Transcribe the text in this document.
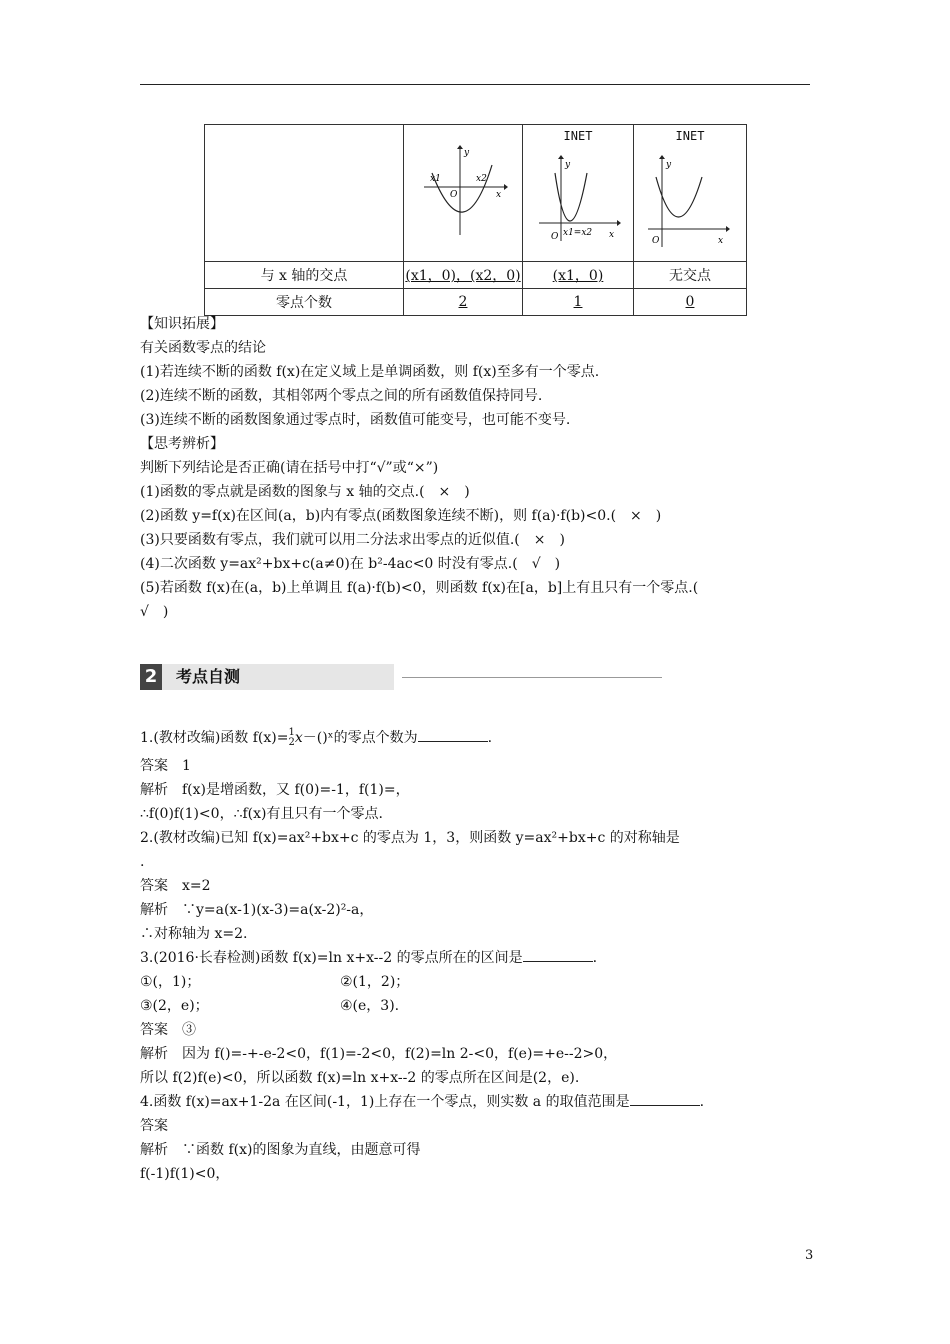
y
x1 x2
O x	INET
y
O x1=x2 x	INET
y
O x

与 x 轴的交点	(x1，0)，(x2，0)	(x1，0)	无交点
零点个数	2	1	0
【知识拓展】
有关函数零点的结论
(1)若连续不断的函数 f(x)在定义域上是单调函数，则 f(x)至多有一个零点.
(2)连续不断的函数，其相邻两个零点之间的所有函数值保持同号.
(3)连续不断的函数图象通过零点时，函数值可能变号，也可能不变号.
【思考辨析】
判断下列结论是否正确(请在括号中打“√”或“×”)
(1)函数的零点就是函数的图象与 x 轴的交点.(　×　)
(2)函数 y=f(x)在区间(a，b)内有零点(函数图象连续不断)，则 f(a)·f(b)<0.(　×　)
(3)只要函数有零点，我们就可以用二分法求出零点的近似值.(　×　)
(4)二次函数 y=ax²+bx+c(a≠0)在 b²-4ac<0 时没有零点.(　√　)
(5)若函数 f(x)在(a，b)上单调且 f(a)·f(b)<0，则函数 f(x)在[a，b]上有且只有一个零点.(
√　)
2	考点自测
1.(教材改编)函数 f(x)=1
2x－()ˣ的零点个数为	.
答案　1
解析　f(x)是增函数，又 f(0)=-1，f(1)=，
∴f(0)f(1)<0，∴f(x)有且只有一个零点.
2.(教材改编)已知 f(x)=ax²+bx+c 的零点为 1，3，则函数 y=ax²+bx+c 的对称轴是
.
答案　x=2
解析　∵y=a(x-1)(x-3)=a(x-2)²-a，
∴对称轴为 x=2.
3.(2016·长春检测)函数 f(x)=ln x+x--2 的零点所在的区间是	.
①(，1)；	②(1，2)；
③(2，e)；	④(e，3).
答案　③
解析　因为 f()=-+-e-2<0，f(1)=-2<0，f(2)=ln 2-<0，f(e)=+e--2>0，
所以 f(2)f(e)<0，所以函数 f(x)=ln x+x--2 的零点所在区间是(2，e).
4.函数 f(x)=ax+1-2a 在区间(-1，1)上存在一个零点，则实数 a 的取值范围是	.
答案
解析　∵函数 f(x)的图象为直线，由题意可得
f(-1)f(1)<0，
3
